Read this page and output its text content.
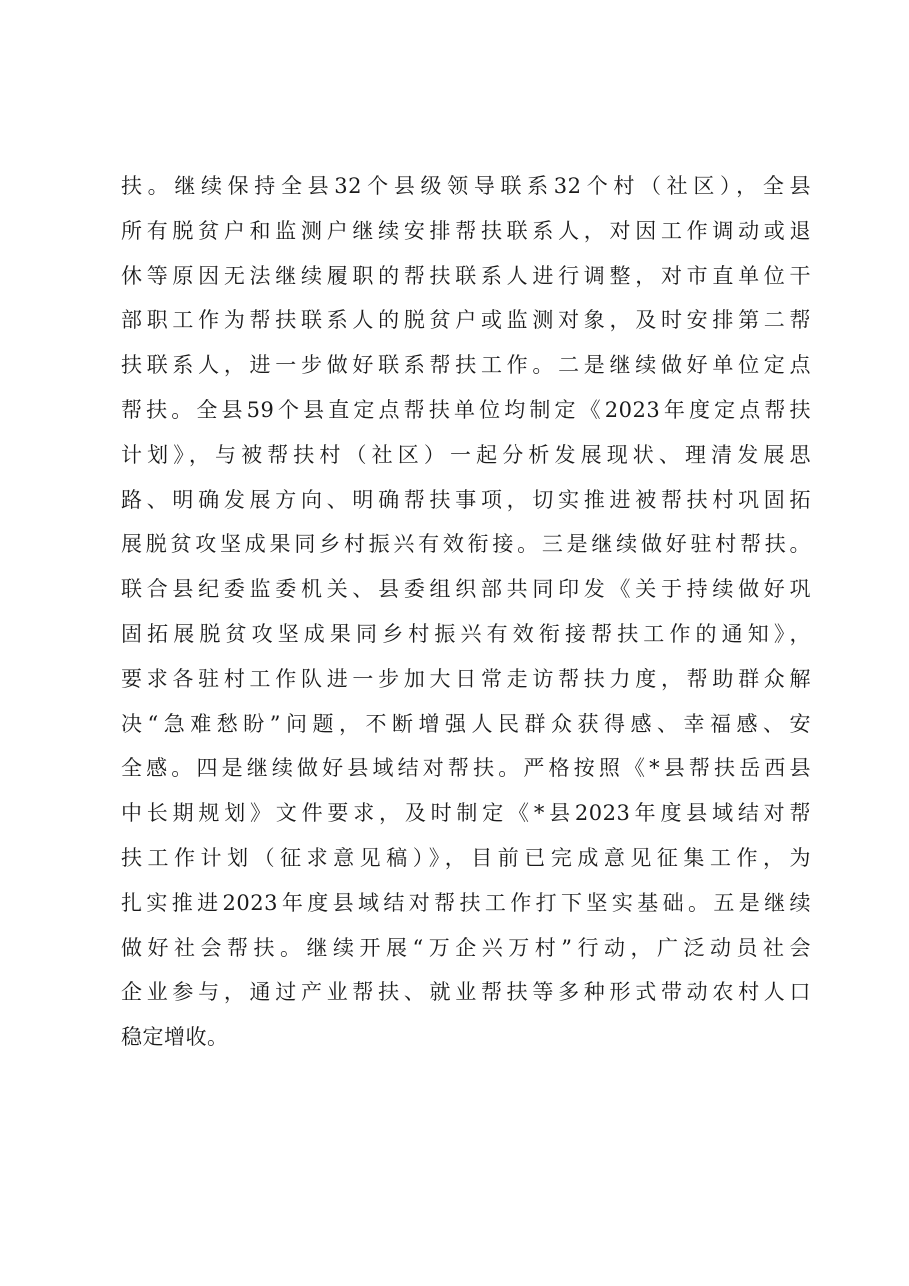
扶。继续保持全县32个县级领导联系32个村（社区），全县
所有脱贫户和监测户继续安排帮扶联系人，对因工作调动或退
休等原因无法继续履职的帮扶联系人进行调整，对市直单位干
部职工作为帮扶联系人的脱贫户或监测对象，及时安排第二帮
扶联系人，进一步做好联系帮扶工作。二是继续做好单位定点
帮扶。全县59个县直定点帮扶单位均制定《2023年度定点帮扶
计划》，与被帮扶村（社区）一起分析发展现状、理清发展思
路、明确发展方向、明确帮扶事项，切实推进被帮扶村巩固拓
展脱贫攻坚成果同乡村振兴有效衔接。三是继续做好驻村帮扶。
联合县纪委监委机关、县委组织部共同印发《关于持续做好巩
固拓展脱贫攻坚成果同乡村振兴有效衔接帮扶工作的通知》，
要求各驻村工作队进一步加大日常走访帮扶力度，帮助群众解
决“急难愁盼”问题，不断增强人民群众获得感、幸福感、安
全感。四是继续做好县域结对帮扶。严格按照《*县帮扶岳西县
中长期规划》文件要求，及时制定《*县2023年度县域结对帮
扶工作计划（征求意见稿）》，目前已完成意见征集工作，为
扎实推进2023年度县域结对帮扶工作打下坚实基础。五是继续
做好社会帮扶。继续开展“万企兴万村”行动，广泛动员社会
企业参与，通过产业帮扶、就业帮扶等多种形式带动农村人口
稳定增收。
